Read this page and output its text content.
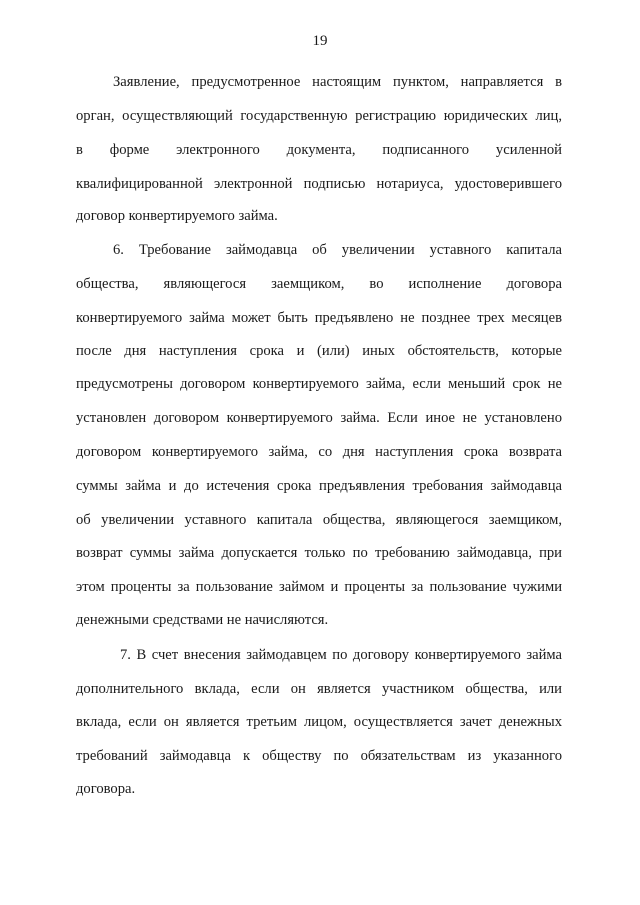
19
Заявление, предусмотренное настоящим пунктом, направляется в
орган, осуществляющий государственную регистрацию юридических лиц,
в форме электронного документа, подписанного усиленной
квалифицированной электронной подписью нотариуса, удостоверившего
договор конвертируемого займа.
6. Требование займодавца об увеличении уставного капитала
общества, являющегося заемщиком, во исполнение договора
конвертируемого займа может быть предъявлено не позднее трех месяцев
после дня наступления срока и (или) иных обстоятельств, которые
предусмотрены договором конвертируемого займа, если меньший срок не
установлен договором конвертируемого займа. Если иное не установлено
договором конвертируемого займа, со дня наступления срока возврата
суммы займа и до истечения срока предъявления требования займодавца
об увеличении уставного капитала общества, являющегося заемщиком,
возврат суммы займа допускается только по требованию займодавца, при
этом проценты за пользование займом и проценты за пользование чужими
денежными средствами не начисляются.
7. В счет внесения займодавцем по договору конвертируемого займа
дополнительного вклада, если он является участником общества, или
вклада, если он является третьим лицом, осуществляется зачет денежных
требований займодавца к обществу по обязательствам из указанного
договора.
